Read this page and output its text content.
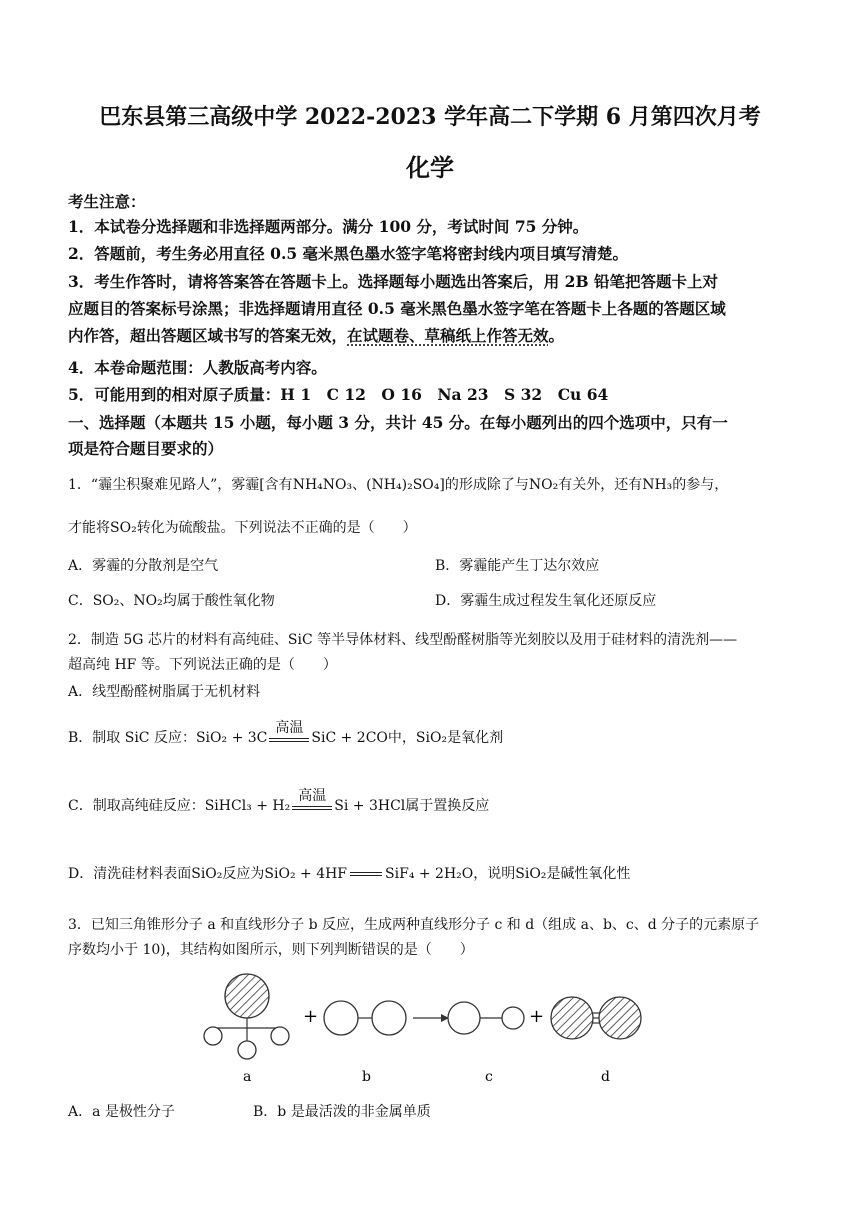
巴东县第三高级中学 2022-2023 学年高二下学期 6 月第四次月考
化学
考生注意：
1．本试卷分选择题和非选择题两部分。满分 100 分，考试时间 75 分钟。
2．答题前，考生务必用直径 0.5 毫米黑色墨水签字笔将密封线内项目填写清楚。
3．考生作答时，请将答案答在答题卡上。选择题每小题选出答案后，用 2B 铅笔把答题卡上对
应题目的答案标号涂黑；非选择题请用直径 0.5 毫米黑色墨水签字笔在答题卡上各题的答题区域
内作答，超出答题区域书写的答案无效，在试题卷、草稿纸上作答无效。
4．本卷命题范围：人教版高考内容。
5．可能用到的相对原子质量：H 1　C 12　O 16　Na 23　S 32　Cu 64
一、选择题（本题共 15 小题，每小题 3 分，共计 45 分。在每小题列出的四个选项中，只有一
项是符合题目要求的）
1．“霾尘积聚难见路人”，雾霾[含有NH₄NO₃、(NH₄)₂SO₄]的形成除了与NO₂有关外，还有NH₃的参与，
才能将SO₂转化为硫酸盐。下列说法不正确的是（　　）
A．雾霾的分散剂是空气	B．雾霾能产生丁达尔效应
C．SO₂、NO₂均属于酸性氧化物	D．雾霾生成过程发生氧化还原反应
2．制造 5G 芯片的材料有高纯硅、SiC 等半导体材料、线型酚醛树脂等光刻胶以及用于硅材料的清洗剂——
超高纯 HF 等。下列说法正确的是（　　）
A．线型酚醛树脂属于无机材料
B．制取 SiC 反应：SiO₂ + 3C
高温
SiC + 2CO中，SiO₂是氧化剂
C．制取高纯硅反应：SiHCl₃ + H₂
高温
Si + 3HCl属于置换反应
D．清洗硅材料表面SiO₂反应为SiO₂ + 4HF	SiF₄ + 2H₂O，说明SiO₂是碱性氧化性
3．已知三角锥形分子 a 和直线形分子 b 反应，生成两种直线形分子 c 和 d（组成 a、b、c、d 分子的元素原子
序数均小于 10)，其结构如图所示，则下列判断错误的是（　　）
+	+
a	b	c	d
A．a 是极性分子	B．b 是最活泼的非金属单质
